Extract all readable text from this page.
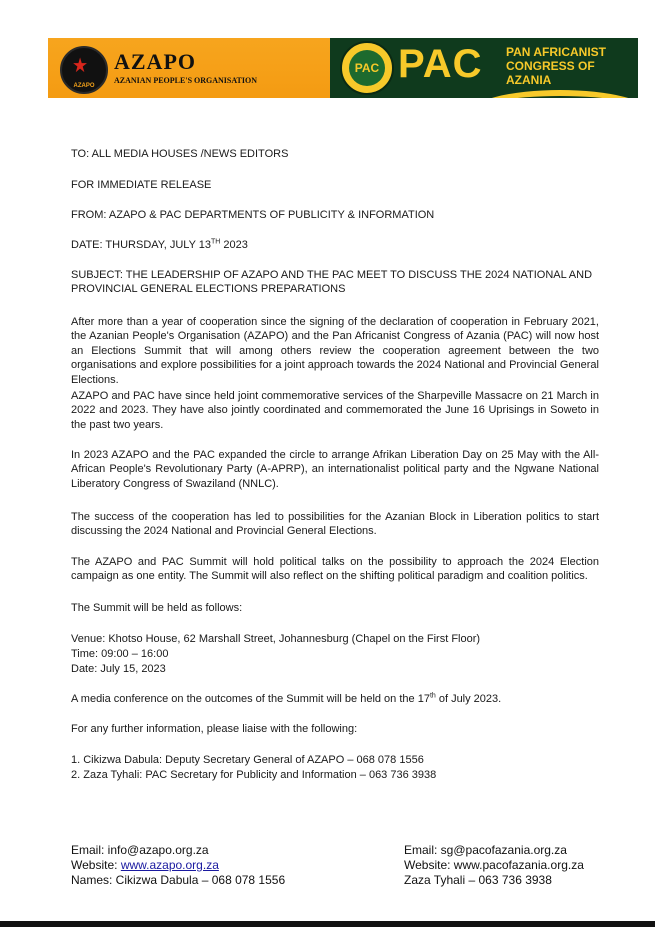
★
AZAPO
AZAPO
AZANIAN PEOPLE'S ORGANISATION
PAC PAC PAN AFRICANIST
CONGRESS OF AZANIA
TO: ALL MEDIA HOUSES /NEWS EDITORS
FOR IMMEDIATE RELEASE
FROM: AZAPO & PAC DEPARTMENTS OF PUBLICITY & INFORMATION
DATE: THURSDAY, JULY 13TH 2023
SUBJECT: THE LEADERSHIP OF AZAPO AND THE PAC MEET TO DISCUSS THE 2024 NATIONAL AND PROVINCIAL GENERAL ELECTIONS PREPARATIONS
After more than a year of cooperation since the signing of the declaration of cooperation in February 2021, the Azanian People's Organisation (AZAPO) and the Pan Africanist Congress of Azania (PAC) will now host an Elections Summit that will among others review the cooperation agreement between the two organisations and explore possibilities for a joint approach towards the 2024 National and Provincial General Elections.
AZAPO and PAC have since held joint commemorative services of the Sharpeville Massacre on 21 March in 2022 and 2023. They have also jointly coordinated and commemorated the June 16 Uprisings in Soweto in the past two years.
In 2023 AZAPO and the PAC expanded the circle to arrange Afrikan Liberation Day on 25 May with the All-African People's Revolutionary Party (A-APRP), an internationalist political party and the Ngwane National Liberatory Congress of Swaziland (NNLC).
The success of the cooperation has led to possibilities for the Azanian Block in Liberation politics to start discussing the 2024 National and Provincial General Elections.
The AZAPO and PAC Summit will hold political talks on the possibility to approach the 2024 Election campaign as one entity. The Summit will also reflect on the shifting political paradigm and coalition politics.
The Summit will be held as follows:
Venue: Khotso House, 62 Marshall Street, Johannesburg (Chapel on the First Floor)
Time: 09:00 – 16:00
Date: July 15, 2023
A media conference on the outcomes of the Summit will be held on the 17th of July 2023.
For any further information, please liaise with the following:
1. Cikizwa Dabula: Deputy Secretary General of AZAPO – 068 078 1556
2. Zaza Tyhali: PAC Secretary for Publicity and Information – 063 736 3938
Email: info@azapo.org.za
Website: www.azapo.org.za
Names: Cikizwa Dabula – 068 078 1556
Email: sg@pacofazania.org.za
Website: www.pacofazania.org.za
Zaza Tyhali – 063 736 3938
